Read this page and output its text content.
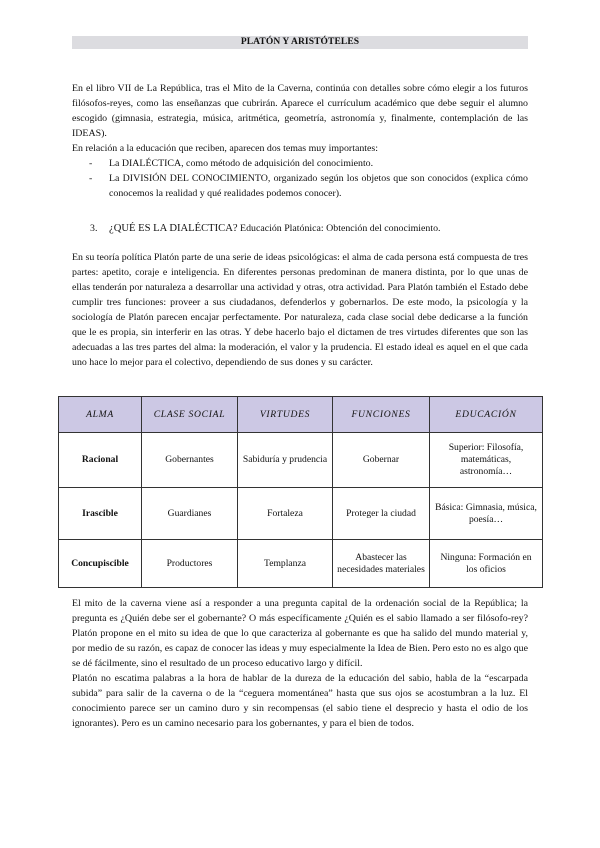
PLATÓN Y ARISTÓTELES

En el libro VII de La República, tras el Mito de la Caverna, continúa con detalles sobre cómo elegir a los futuros filósofos-reyes, como las enseñanzas que cubrirán. Aparece el currículum académico que debe seguir el alumno escogido (gimnasia, estrategia, música, aritmética, geometría, astronomía y, finalmente, contemplación de las IDEAS).

En relación a la educación que reciben, aparecen dos temas muy importantes:

- La DIALÉCTICA, como método de adquisición del conocimiento.
- La DIVISIÓN DEL CONOCIMIENTO, organizado según los objetos que son conocidos (explica cómo conocemos la realidad y qué realidades podemos conocer).
3. ¿QUÉ ES LA DIALÉCTICA? Educación Platónica: Obtención del conocimiento.

En su teoría política Platón parte de una serie de ideas psicológicas: el alma de cada persona está compuesta de tres partes: apetito, coraje e inteligencia. En diferentes personas predominan de manera distinta, por lo que unas de ellas tenderán por naturaleza a desarrollar una actividad y otras, otra actividad. Para Platón también el Estado debe cumplir tres funciones: proveer a sus ciudadanos, defenderlos y gobernarlos. De este modo, la psicología y la sociología de Platón parecen encajar perfectamente. Por naturaleza, cada clase social debe dedicarse a la función que le es propia, sin interferir en las otras. Y debe hacerlo bajo el dictamen de tres virtudes diferentes que son las adecuadas a las tres partes del alma: la moderación, el valor y la prudencia. El estado ideal es aquel en el que cada uno hace lo mejor para el colectivo, dependiendo de sus dones y su carácter.

ALMA	CLASE SOCIAL	VIRTUDES	FUNCIONES	EDUCACIÓN
Racional	Gobernantes	Sabiduría y prudencia	Gobernar	Superior: Filosofía, matemáticas, astronomía…
Irascible	Guardianes	Fortaleza	Proteger la ciudad	Básica: Gimnasia, música, poesía…
Concupiscible	Productores	Templanza	Abastecer las necesidades materiales	Ninguna: Formación en los oficios

El mito de la caverna viene así a responder a una pregunta capital de la ordenación social de la República; la pregunta es ¿Quién debe ser el gobernante? O más específicamente ¿Quién es el sabio llamado a ser filósofo-rey? Platón propone en el mito su idea de que lo que caracteriza al gobernante es que ha salido del mundo material y, por medio de su razón, es capaz de conocer las ideas y muy especialmente la Idea de Bien. Pero esto no es algo que se dé fácilmente, sino el resultado de un proceso educativo largo y difícil.

Platón no escatima palabras a la hora de hablar de la dureza de la educación del sabio, habla de la “escarpada subida” para salir de la caverna o de la “ceguera momentánea” hasta que sus ojos se acostumbran a la luz. El conocimiento parece ser un camino duro y sin recompensas (el sabio tiene el desprecio y hasta el odio de los ignorantes). Pero es un camino necesario para los gobernantes, y para el bien de todos.
